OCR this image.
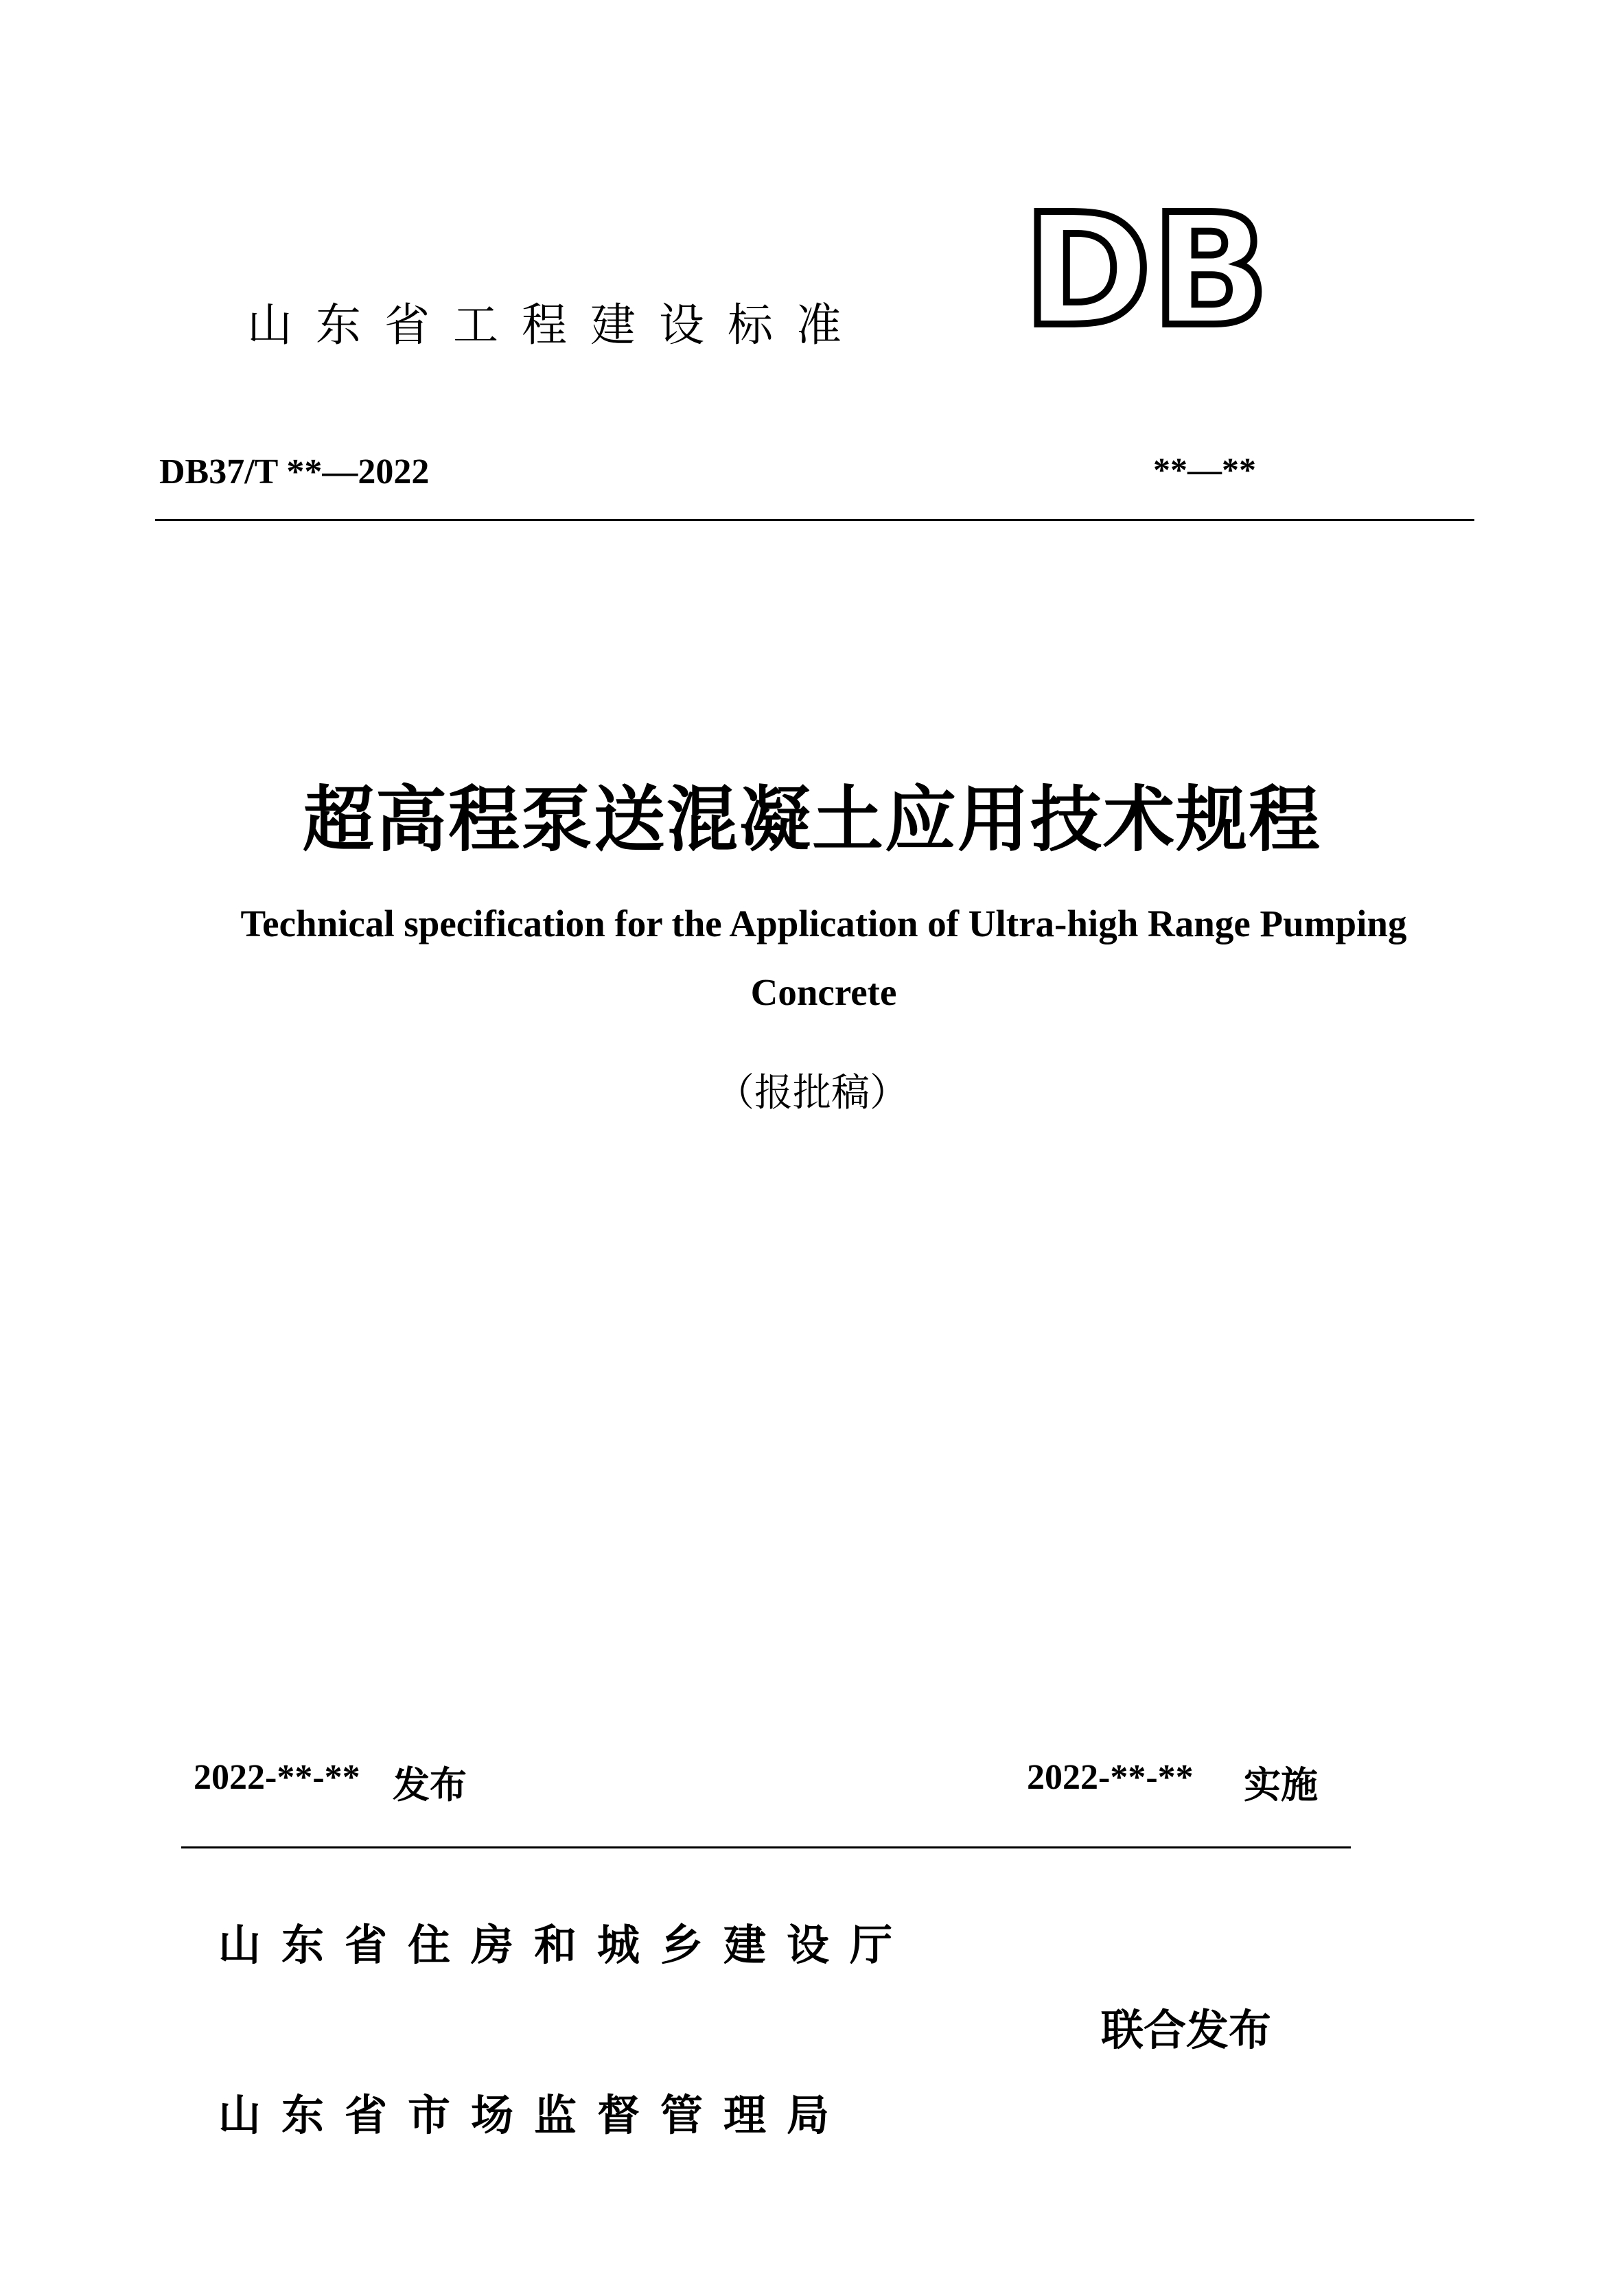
山东省工程建设标准 DB
DB37/T **—2022	**—**
超高程泵送混凝土应用技术规程
Technical specification for the Application of Ultra-high Range Pumping Concrete
（报批稿）
2022-**-** 发布	2022-**-** 实施
山东省住房和城乡建设厅
联合发布
山东省市场监督管理局
